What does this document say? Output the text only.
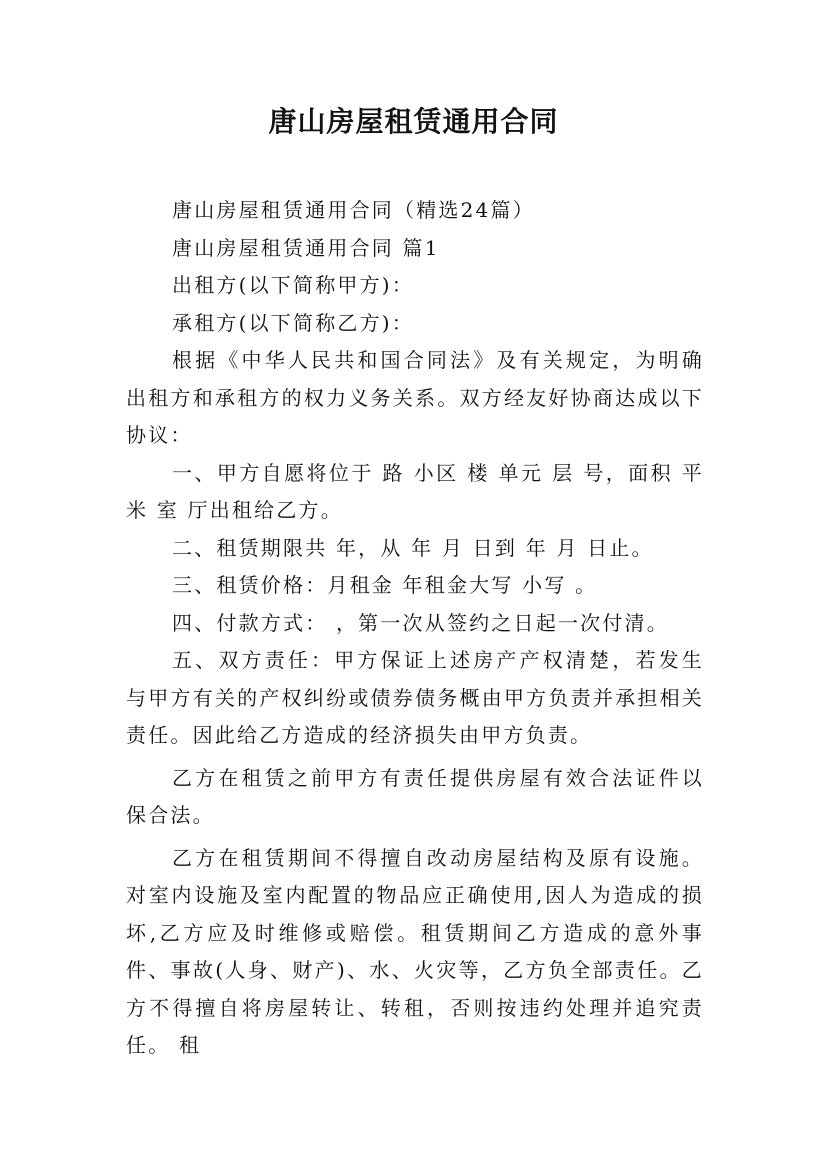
唐山房屋租赁通用合同

唐山房屋租赁通用合同（精选24篇）

唐山房屋租赁通用合同 篇1

出租方(以下简称甲方)：

承租方(以下简称乙方)：

根据《中华人民共和国合同法》及有关规定，为明确出租方和承租方的权力义务关系。双方经友好协商达成以下协议：

一、甲方自愿将位于 路 小区 楼 单元 层 号，面积 平米 室 厅出租给乙方。

二、租赁期限共 年，从 年 月 日到 年 月 日止。

三、租赁价格：月租金 年租金大写 小写 。

四、付款方式： ，第一次从签约之日起一次付清。

五、双方责任：甲方保证上述房产产权清楚，若发生与甲方有关的产权纠纷或债券债务概由甲方负责并承担相关责任。因此给乙方造成的经济损失由甲方负责。

乙方在租赁之前甲方有责任提供房屋有效合法证件以保合法。

乙方在租赁期间不得擅自改动房屋结构及原有设施。对室内设施及室内配置的物品应正确使用,因人为造成的损坏,乙方应及时维修或赔偿。租赁期间乙方造成的意外事件、事故(人身、财产)、水、火灾等，乙方负全部责任。乙方不得擅自将房屋转让、转租，否则按违约处理并追究责任。 租
